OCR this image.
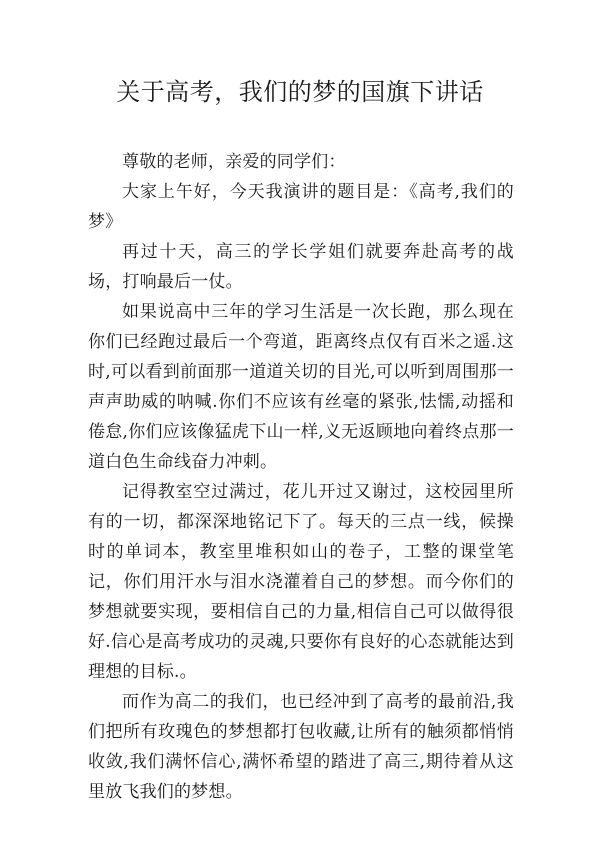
关于高考，我们的梦的国旗下讲话

尊敬的老师，亲爱的同学们：

大家上午好，今天我演讲的题目是：《高考,我们的梦》

再过十天，高三的学长学姐们就要奔赴高考的战场，打响最后一仗。

如果说高中三年的学习生活是一次长跑，那么现在你们已经跑过最后一个弯道，距离终点仅有百米之遥.这时,可以看到前面那一道道关切的目光,可以听到周围那一声声助威的呐喊.你们不应该有丝毫的紧张,怯懦,动摇和倦怠,你们应该像猛虎下山一样,义无返顾地向着终点那一道白色生命线奋力冲刺。

记得教室空过满过，花儿开过又谢过，这校园里所有的一切，都深深地铭记下了。每天的三点一线，候操时的单词本，教室里堆积如山的卷子，工整的课堂笔记，你们用汗水与泪水浇灌着自己的梦想。而今你们的梦想就要实现，要相信自己的力量,相信自己可以做得很好.信心是高考成功的灵魂,只要你有良好的心态就能达到理想的目标.。

而作为高二的我们，也已经冲到了高考的最前沿,我们把所有玫瑰色的梦想都打包收藏,让所有的触须都悄悄收敛,我们满怀信心,满怀希望的踏进了高三,期待着从这里放飞我们的梦想。
